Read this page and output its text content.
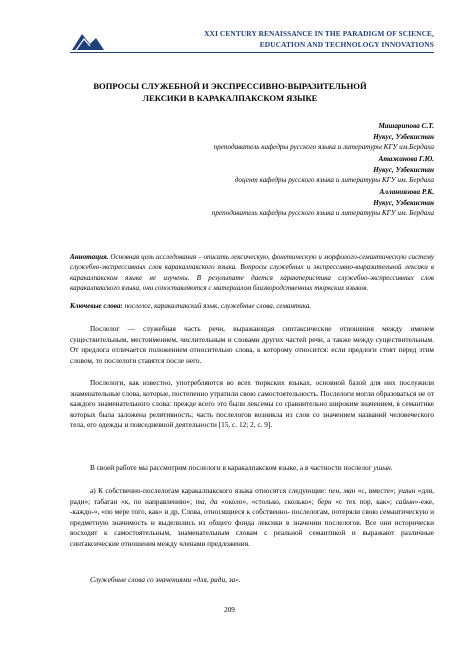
XXI CENTURY RENAISSANCE IN THE PARADIGM OF SCIENCE,
EDUCATION AND TECHNOLOGY INNOVATIONS
ВОПРОСЫ СЛУЖЕБНОЙ И ЭКСПРЕССИВНО-ВЫРАЗИТЕЛЬНОЙ
ЛЕКСИКИ В КАРАКАЛПАКСКОМ ЯЗЫКЕ
Машарипова С.Т.
Нукус, Узбекистан
преподаватель кафедры русского языка и литературы КГУ им.Бердаха
Атажанова Г.Ю.
Нукус, Узбекистан
доцент кафедры русского языка и литературы КГУ им. Бердаха
Алланиязова Р.К.
Нукус, Узбекистан
преподаватель кафедры русского языка и литературы КГУ им. Бердаха
Аннотация. Основная цель исследования – описать лексическую, фонетическую и морфолого-семантическую систему служебно-экспрессивных слов каракалпакского языка. Вопросы служебных и экспрессивно-выразительной лексики в каракалпакском языке не изучены. В результате дается характеристика служебно-экспрессивных слов каракалпакского языка, они сопоставляются с материалом близкородственных тюркских языков.
Ключевые слова: послелог, каракалпакский язык, служебные слова, семантика.
Послелог — служебная часть речи, выражающая синтаксические отношения между именем существительным, местоимением, числительным и словами других частей речи, а также между существительным. От предлога отличается положением относительно слова, к которому относится: если предлоги стоят перед этим словом, то послелоги ставятся после него.
Послелоги, как известно, употребляются во всех тюркских языках, основной базой для них послужили знаменательные слова, которые, постепенно утратили свою самостоятельность. Послелоги могли образоваться не от каждого знаменательного слова: прежде всего это были лексемы со сравнительно широким значением, в семантике которых была заложена релятивность; часть послелогов возникла из слов со значением названий человеческого тела, его одежды и повседневной деятельности [15, с. 12; 2, с. 9].
В своей работе мы рассмотрим послелоги в каракалпакском языке, а в частности послелог ушын.
а) К собственно-послелогам каракалпакского языка относятся следующие: пен, ман «с, вместе»; ушын «для, ради»; табаган «к, по направлению»; та, да «около», «столько, сколько»; берн «с тех пор, как»; сайын»-еже, -каждо-», «по мере того, как» и др. Слова, относящиеся к собственно- послелогам, потеряли свою семантическую и предметную значимость и выделились из общего фонда лексики в значении послелогов. Все они исторически восходят к самостоятельным, знаменательным словам с реальной семантикой и выражают различные синтаксические отношения между членами предложения.
Служебные слова со значениями «для, ради, за».
209
